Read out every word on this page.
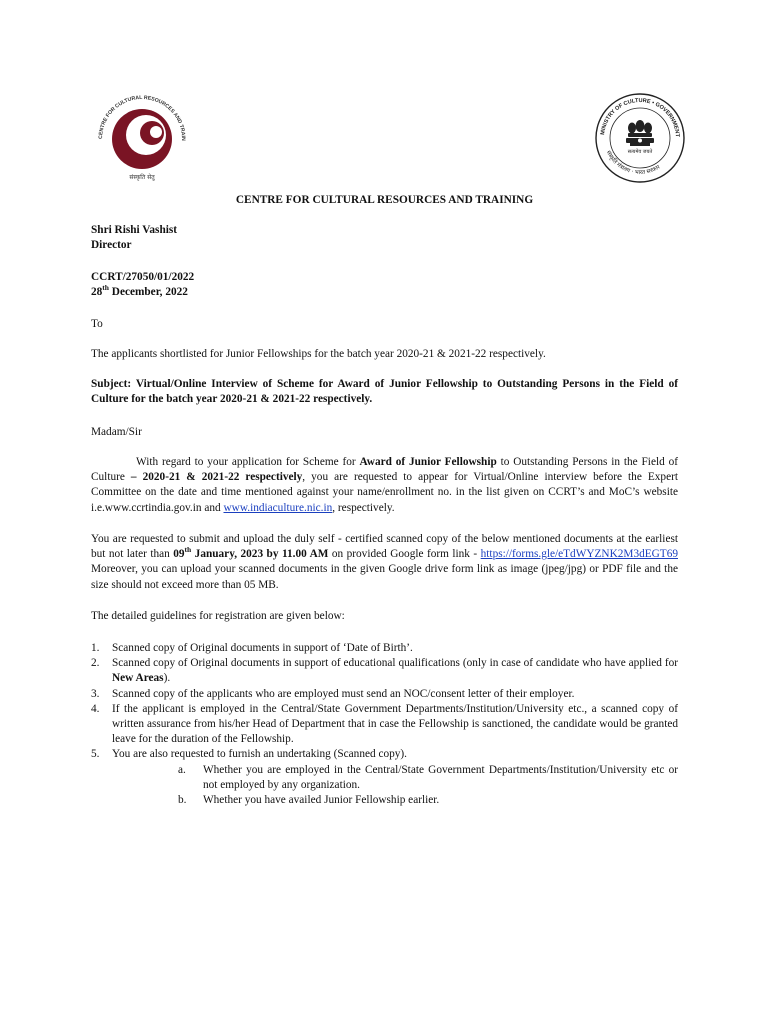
CENTRE FOR CULTURAL RESOURCES AND TRAIN
संस्कृति सेतु
MINISTRY OF CULTURE • GOVERNMENT
संस्कृति मंत्रालय · भारत सरकार
सत्यमेव जयते

CENTRE FOR CULTURAL RESOURCES AND TRAINING

Shri Rishi Vashist

Director

CCRT/27050/01/2022

28th December, 2022

To

The applicants shortlisted for Junior Fellowships for the batch year 2020-21 & 2021-22 respectively.

Subject: Virtual/Online Interview of Scheme for Award of Junior Fellowship to Outstanding Persons in the Field of Culture for the batch year 2020-21 & 2021-22 respectively.

Madam/Sir

With regard to your application for Scheme for Award of Junior Fellowship to Outstanding Persons in the Field of Culture – 2020-21 & 2021-22 respectively, you are requested to appear for Virtual/Online interview before the Expert Committee on the date and time mentioned against your name/enrollment no. in the list given on CCRT’s and MoC’s website i.e.www.ccrtindia.gov.in and www.indiaculture.nic.in, respectively.

You are requested to submit and upload the duly self - certified scanned copy of the below mentioned documents at the earliest but not later than 09th January, 2023 by 11.00 AM on provided Google form link - https://forms.gle/eTdWYZNK2M3dEGT69 Moreover, you can upload your scanned documents in the given Google drive form link as image (jpeg/jpg) or PDF file and the size should not exceed more than 05 MB.

The detailed guidelines for registration are given below:

1. Scanned copy of Original documents in support of ‘Date of Birth’.
2. Scanned copy of Original documents in support of educational qualifications (only in case of candidate who have applied for New Areas).
3. Scanned copy of the applicants who are employed must send an NOC/consent letter of their employer.
4. If the applicant is employed in the Central/State Government Departments/Institution/University etc., a scanned copy of written assurance from his/her Head of Department that in case the Fellowship is sanctioned, the candidate would be granted leave for the duration of the Fellowship.
5. You are also requested to furnish an undertaking (Scanned copy).
a. Whether you are employed in the Central/State Government Departments/Institution/University etc or not employed by any organization.
b. Whether you have availed Junior Fellowship earlier.
